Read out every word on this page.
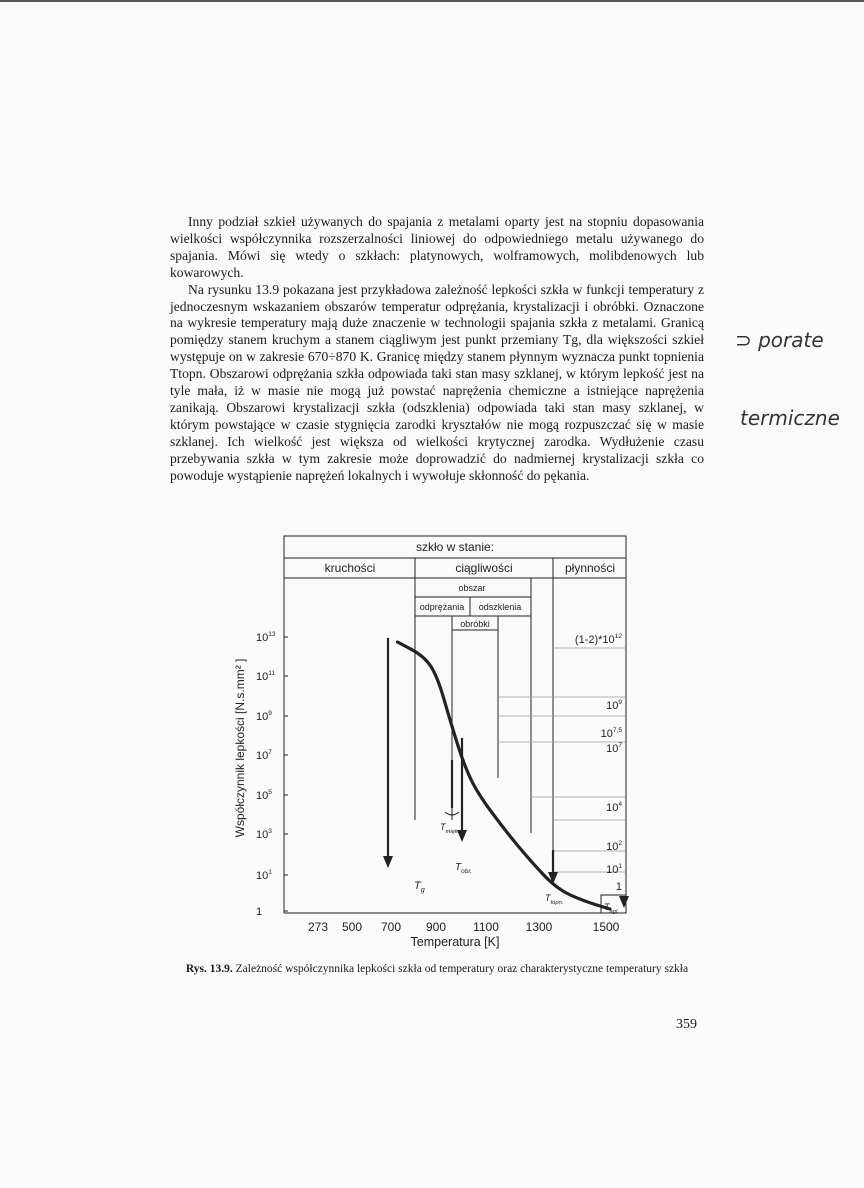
Inny podział szkieł używanych do spajania z metalami oparty jest na stopniu dopasowania wielkości współczynnika rozszerzalności liniowej do odpowiedniego metalu używanego do spajania. Mówi się wtedy o szkłach: platynowych, wolframowych, molibdenowych lub kowarowych.

Na rysunku 13.9 pokazana jest przykładowa zależność lepkości szkła w funkcji temperatury z jednoczesnym wskazaniem obszarów temperatur odprężania, krystalizacji i obróbki. Oznaczone na wykresie temperatury mają duże znaczenie w technologii spajania szkła z metalami. Granicą pomiędzy stanem kruchym a stanem ciągliwym jest punkt przemiany Tg, dla większości szkieł występuje on w zakresie 670÷870 K. Granicę między stanem płynnym wyznacza punkt topnienia Ttopn. Obszarowi odprężania szkła odpowiada taki stan masy szklanej, w którym lepkość jest na tyle mała, iż w masie nie mogą już powstać naprężenia chemiczne a istniejące naprężenia zanikają. Obszarowi krystalizacji szkła (odszklenia) odpowiada taki stan masy szklanej, w którym powstające w czasie stygnięcia zarodki kryształów nie mogą rozpuszczać się w masie szklanej. Ich wielkość jest większa od wielkości krytycznej zarodka. Wydłużenie czasu przebywania szkła w tym zakresie może doprowadzić do nadmiernej krystalizacji szkła co powoduje wystąpienie naprężeń lokalnych i wywołuje skłonność do pękania.

⊃ porate
termiczne
szkło w stanie:
kruchości	ciągliwości	płynności
obszar
odprężania odszklenia
obróbki
$10^{13}$
$10^{11}$
$10^9$
$10^7$
$10^5$
$10^3$
$10^1$
1
$(1-2)*10^{12}$
$10^9$
10$^{7,5}$
$10^7$
$10^4$
$10^2$
$10^1$
1
273 500 700 900 1100 1300	1500
Temperatura [K]
Współczynnik lepkości [N.s.mm² ]
$T_g$
$T_{mięk.}$
$T_{obr.}$
$T_{topn.}$	$T_{agl.}$
Rys. 13.9. Zależność współczynnika lepkości szkła od temperatury oraz charakterystyczne temperatury szkła
359
